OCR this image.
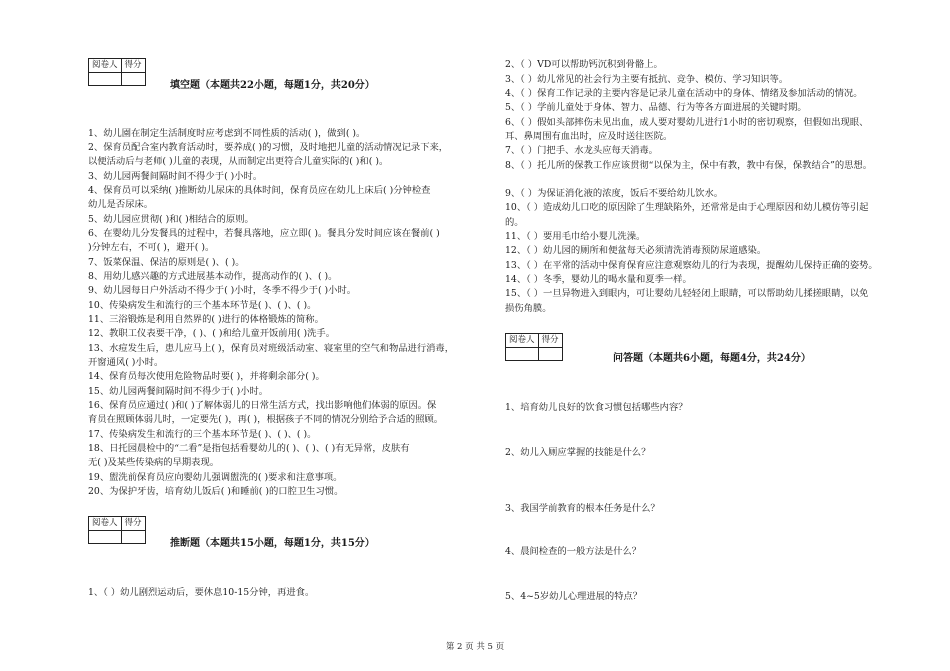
阅卷人	得分

填空题（本题共22小题，每题1分，共20分）
1、幼儿園在制定生活制度时应考虑到不同性质的活动( )，做到( )。
2、保育员配合室内教育活动时，要养成( )的习惯，及时地把儿童的活动情况记录下来，
以便活动后与老师( )儿童的表现，从而制定出更符合儿童实际的( )和( )。
3、幼儿园两餐间隔时间不得少于( )小时。
4、保育员可以采纳( )推断幼儿尿床的具体时间，保育员应在幼儿上床后( )分钟检查
幼儿是否尿床。
5、幼儿园应贯彻( )和( )相结合的原则。
6、在婴幼儿分发餐具的过程中，若餐具落地，应立即( )。餐具分发时间应该在餐前( )
)分钟左右，不可( )，避开( )。
7、饭菜保温、保洁的原则是( )、( )。
8、用幼儿感兴趣的方式进展基本动作，提高动作的( )、( )。
9、幼儿园每日户外活动不得少于( )小时，冬季不得少于( )小时。
10、传染病发生和流行的三个基本环节是( )、( )、( )。
11、三浴锻炼是利用自然界的( )进行的体格锻炼的简称。
12、教职工仪表要干净，( )、( )和给儿童开饭前用( )洗手。
13、水痘发生后，患儿应马上( )，保育员对班级活动室、寝室里的空气和物品进行消毒，
开窗通风( )小时。
14、保育员每次使用危险物品时要( )，并将剩余部分( )。
15、幼儿园两餐间隔时间不得少于( )小时。
16、保育员应通过( )和( )了解体弱儿的日常生活方式，找出影响他们体弱的原因。保
育员在照顾体弱儿时，一定要先( )，再( )，根据孩子不同的情况分别给予合适的照顾。
17、传染病发生和流行的三个基本环节是( )、( )、( )。
18、日托园晨检中的“二看”是指包括看婴幼儿的( )、( )、( )有无异常，皮肤有
无( )及某些传染病的早期表现。
19、盥洗前保育员应向婴幼儿强调盥洗的( )要求和注意事项。
20、为保护牙齿，培育幼儿饭后( )和睡前( )的口腔卫生习惯。
阅卷人	得分

推断题（本题共15小题，每题1分，共15分）
1、（ ）幼儿剧烈运动后，要休息10-15分钟，再进食。
2、（ ）VD可以帮助钙沉积到骨骼上。
3、（ ）幼儿常见的社会行为主要有抵抗、竞争、模仿、学习知识等。
4、（ ）保育工作记录的主要内容是记录儿童在活动中的身体、情绪及参加活动的情况。
5、（ ）学前儿童处于身体、智力、品德、行为等各方面进展的关键时期。
6、（ ）假如头部摔伤未见出血，成人要对婴幼儿进行1小时的密切观察，但假如出现眼、
耳、鼻周围有血出时，应及时送往医院。
7、（ ）门把手、水龙头应每天消毒。
8、（ ）托儿所的保教工作应该贯彻“以保为主，保中有教，教中有保，保教结合”的思想。
9、（ ）为保证消化液的浓度，饭后不要给幼儿饮水。
10、（ ）造成幼儿口吃的原因除了生理缺陷外，还常常是由于心理原因和幼儿模仿等引起
的。
11、（ ）要用毛巾给小婴儿洗澡。
12、（ ）幼儿园的厕所和便盆每天必须清洗消毒预防尿道感染。
13、（ ）在平常的活动中保育保育应注意观察幼儿的行为表现，提醒幼儿保持正确的姿势。
14、（ ）冬季，婴幼儿的喝水量和夏季一样。
15、（ ）一旦异物进入到眼内，可让婴幼儿轻轻闭上眼睛，可以帮助幼儿揉搓眼睛，以免
损伤角膜。
阅卷人	得分

问答题（本题共6小题，每题4分，共24分）
1、培育幼儿良好的饮食习惯包括哪些内容？
2、幼儿入厕应掌握的技能是什么？
3、我国学前教育的根本任务是什么？
4、晨间检查的一般方法是什么？
5、4~5岁幼儿心理进展的特点？
第 2 页 共 5 页
